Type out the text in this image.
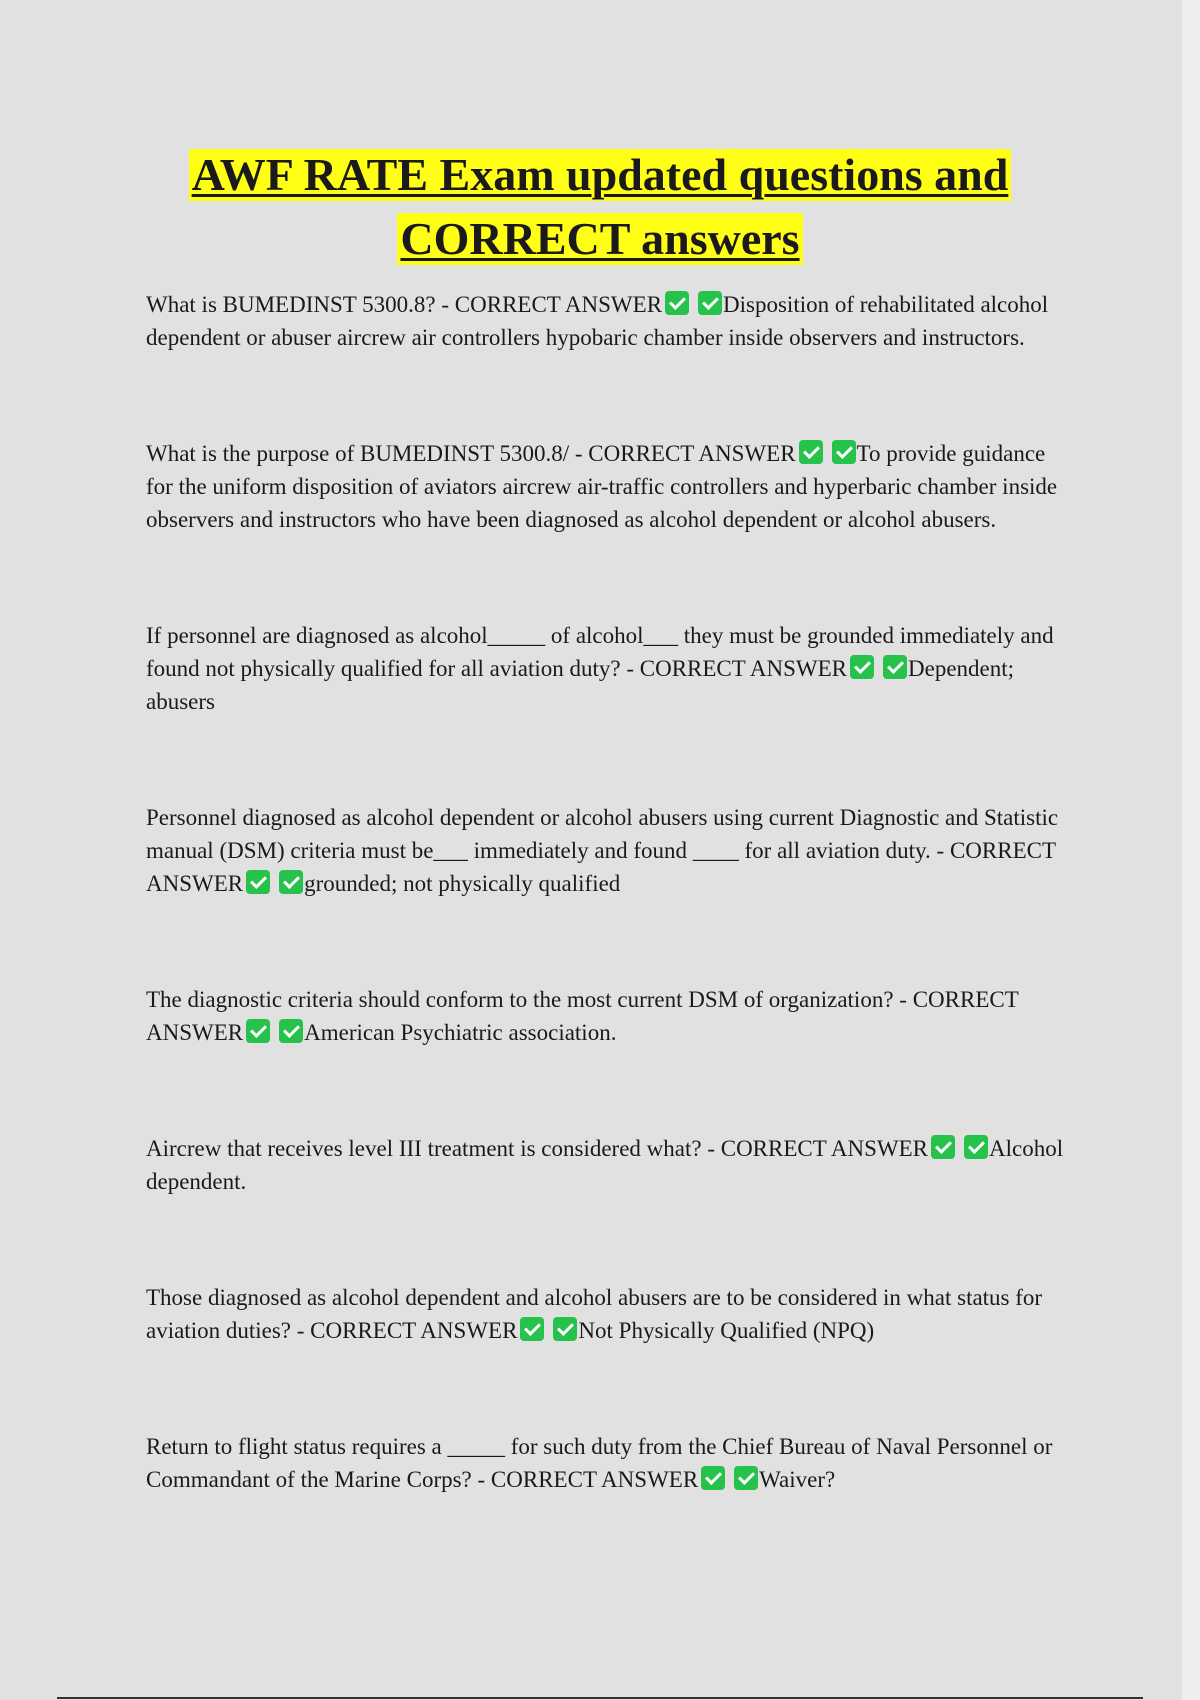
AWF RATE Exam updated questions and
CORRECT answers

What is BUMEDINST 5300.8? - CORRECT ANSWER	Disposition of rehabilitated alcohol dependent or abuser aircrew air controllers hypobaric chamber inside observers and instructors.

What is the purpose of BUMEDINST 5300.8/ - CORRECT ANSWER	To provide guidance for the uniform disposition of aviators aircrew air-traffic controllers and hyperbaric chamber inside observers and instructors who have been diagnosed as alcohol dependent or alcohol abusers.

If personnel are diagnosed as alcohol_____ of alcohol___ they must be grounded immediately and found not physically qualified for all aviation duty? - CORRECT ANSWER	Dependent; abusers

Personnel diagnosed as alcohol dependent or alcohol abusers using current Diagnostic and Statistic manual (DSM) criteria must be___ immediately and found ____ for all aviation duty. - CORRECT ANSWER	grounded; not physically qualified

The diagnostic criteria should conform to the most current DSM of organization? - CORRECT ANSWER	American Psychiatric association.

Aircrew that receives level III treatment is considered what? - CORRECT ANSWER	Alcohol dependent.

Those diagnosed as alcohol dependent and alcohol abusers are to be considered in what status for aviation duties? - CORRECT ANSWER	Not Physically Qualified (NPQ)

Return to flight status requires a _____ for such duty from the Chief Bureau of Naval Personnel or Commandant of the Marine Corps? - CORRECT ANSWER	Waiver?
